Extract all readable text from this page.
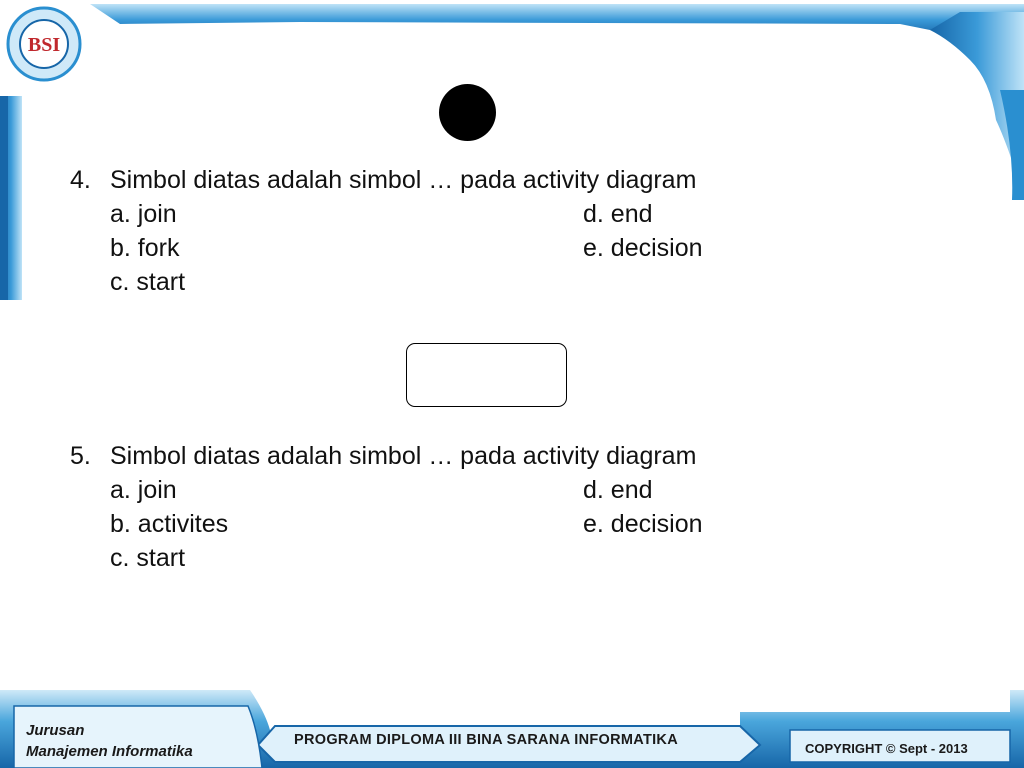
BSI
4. Simbol diatas adalah simbol … pada activity diagram
a. join	d. end
b. fork	e. decision
c. start
5. Simbol diatas adalah simbol … pada activity diagram
a. join	d. end
b. activites	e. decision
c. start
Jurusan
Manajemen Informatika
PROGRAM DIPLOMA III BINA SARANA INFORMATIKA
COPYRIGHT © Sept - 2013
